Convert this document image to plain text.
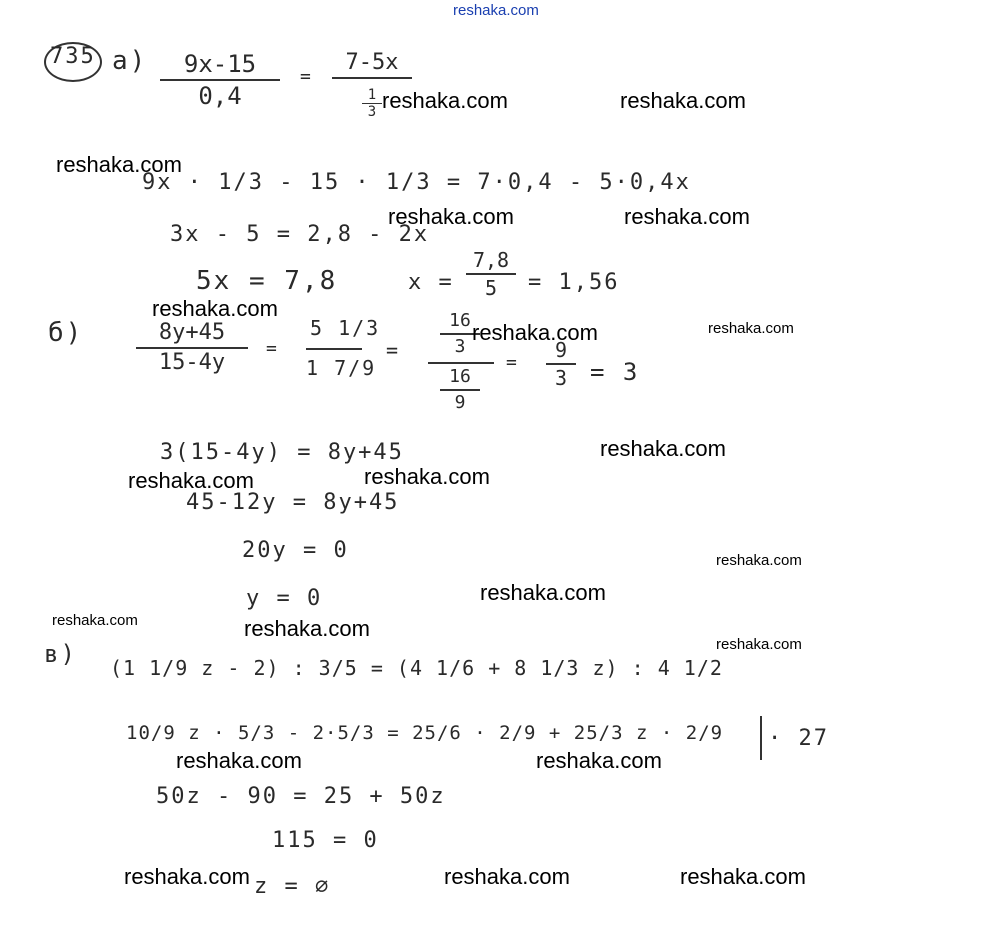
reshaka.com
735 а)	9x-15
0,4
=
7-5x
1
3
9x · 1/3 - 15 · 1/3 = 7·0,4 - 5·0,4x
3x - 5 = 2,8 - 2x
5x = 7,8	x =
7,8
5	= 1,56
б)	8y+45
15-4y
=
5 1/3
1 7/9
=
16
3
16
9
=
9
3 = 3
3(15-4y) = 8y+45
45-12y = 8y+45
20y = 0
y = 0
в) (1 1/9 z - 2) : 3/5 = (4 1/6 + 8 1/3 z) : 4 1/2
10/9 z · 5/3 - 2·5/3 = 25/6 · 2/9 + 25/3 z · 2/9 · 27
50z - 90 = 25 + 50z
115 = 0
z = ∅
reshaka.com	reshaka.com
reshaka.com
reshaka.com	reshaka.com
reshaka.com
reshaka.com	reshaka.com
reshaka.com
reshaka.com	reshaka.com
reshaka.com
reshaka.com
reshaka.com	reshaka.com
reshaka.com
reshaka.com	reshaka.com
reshaka.com	reshaka.com	reshaka.com
